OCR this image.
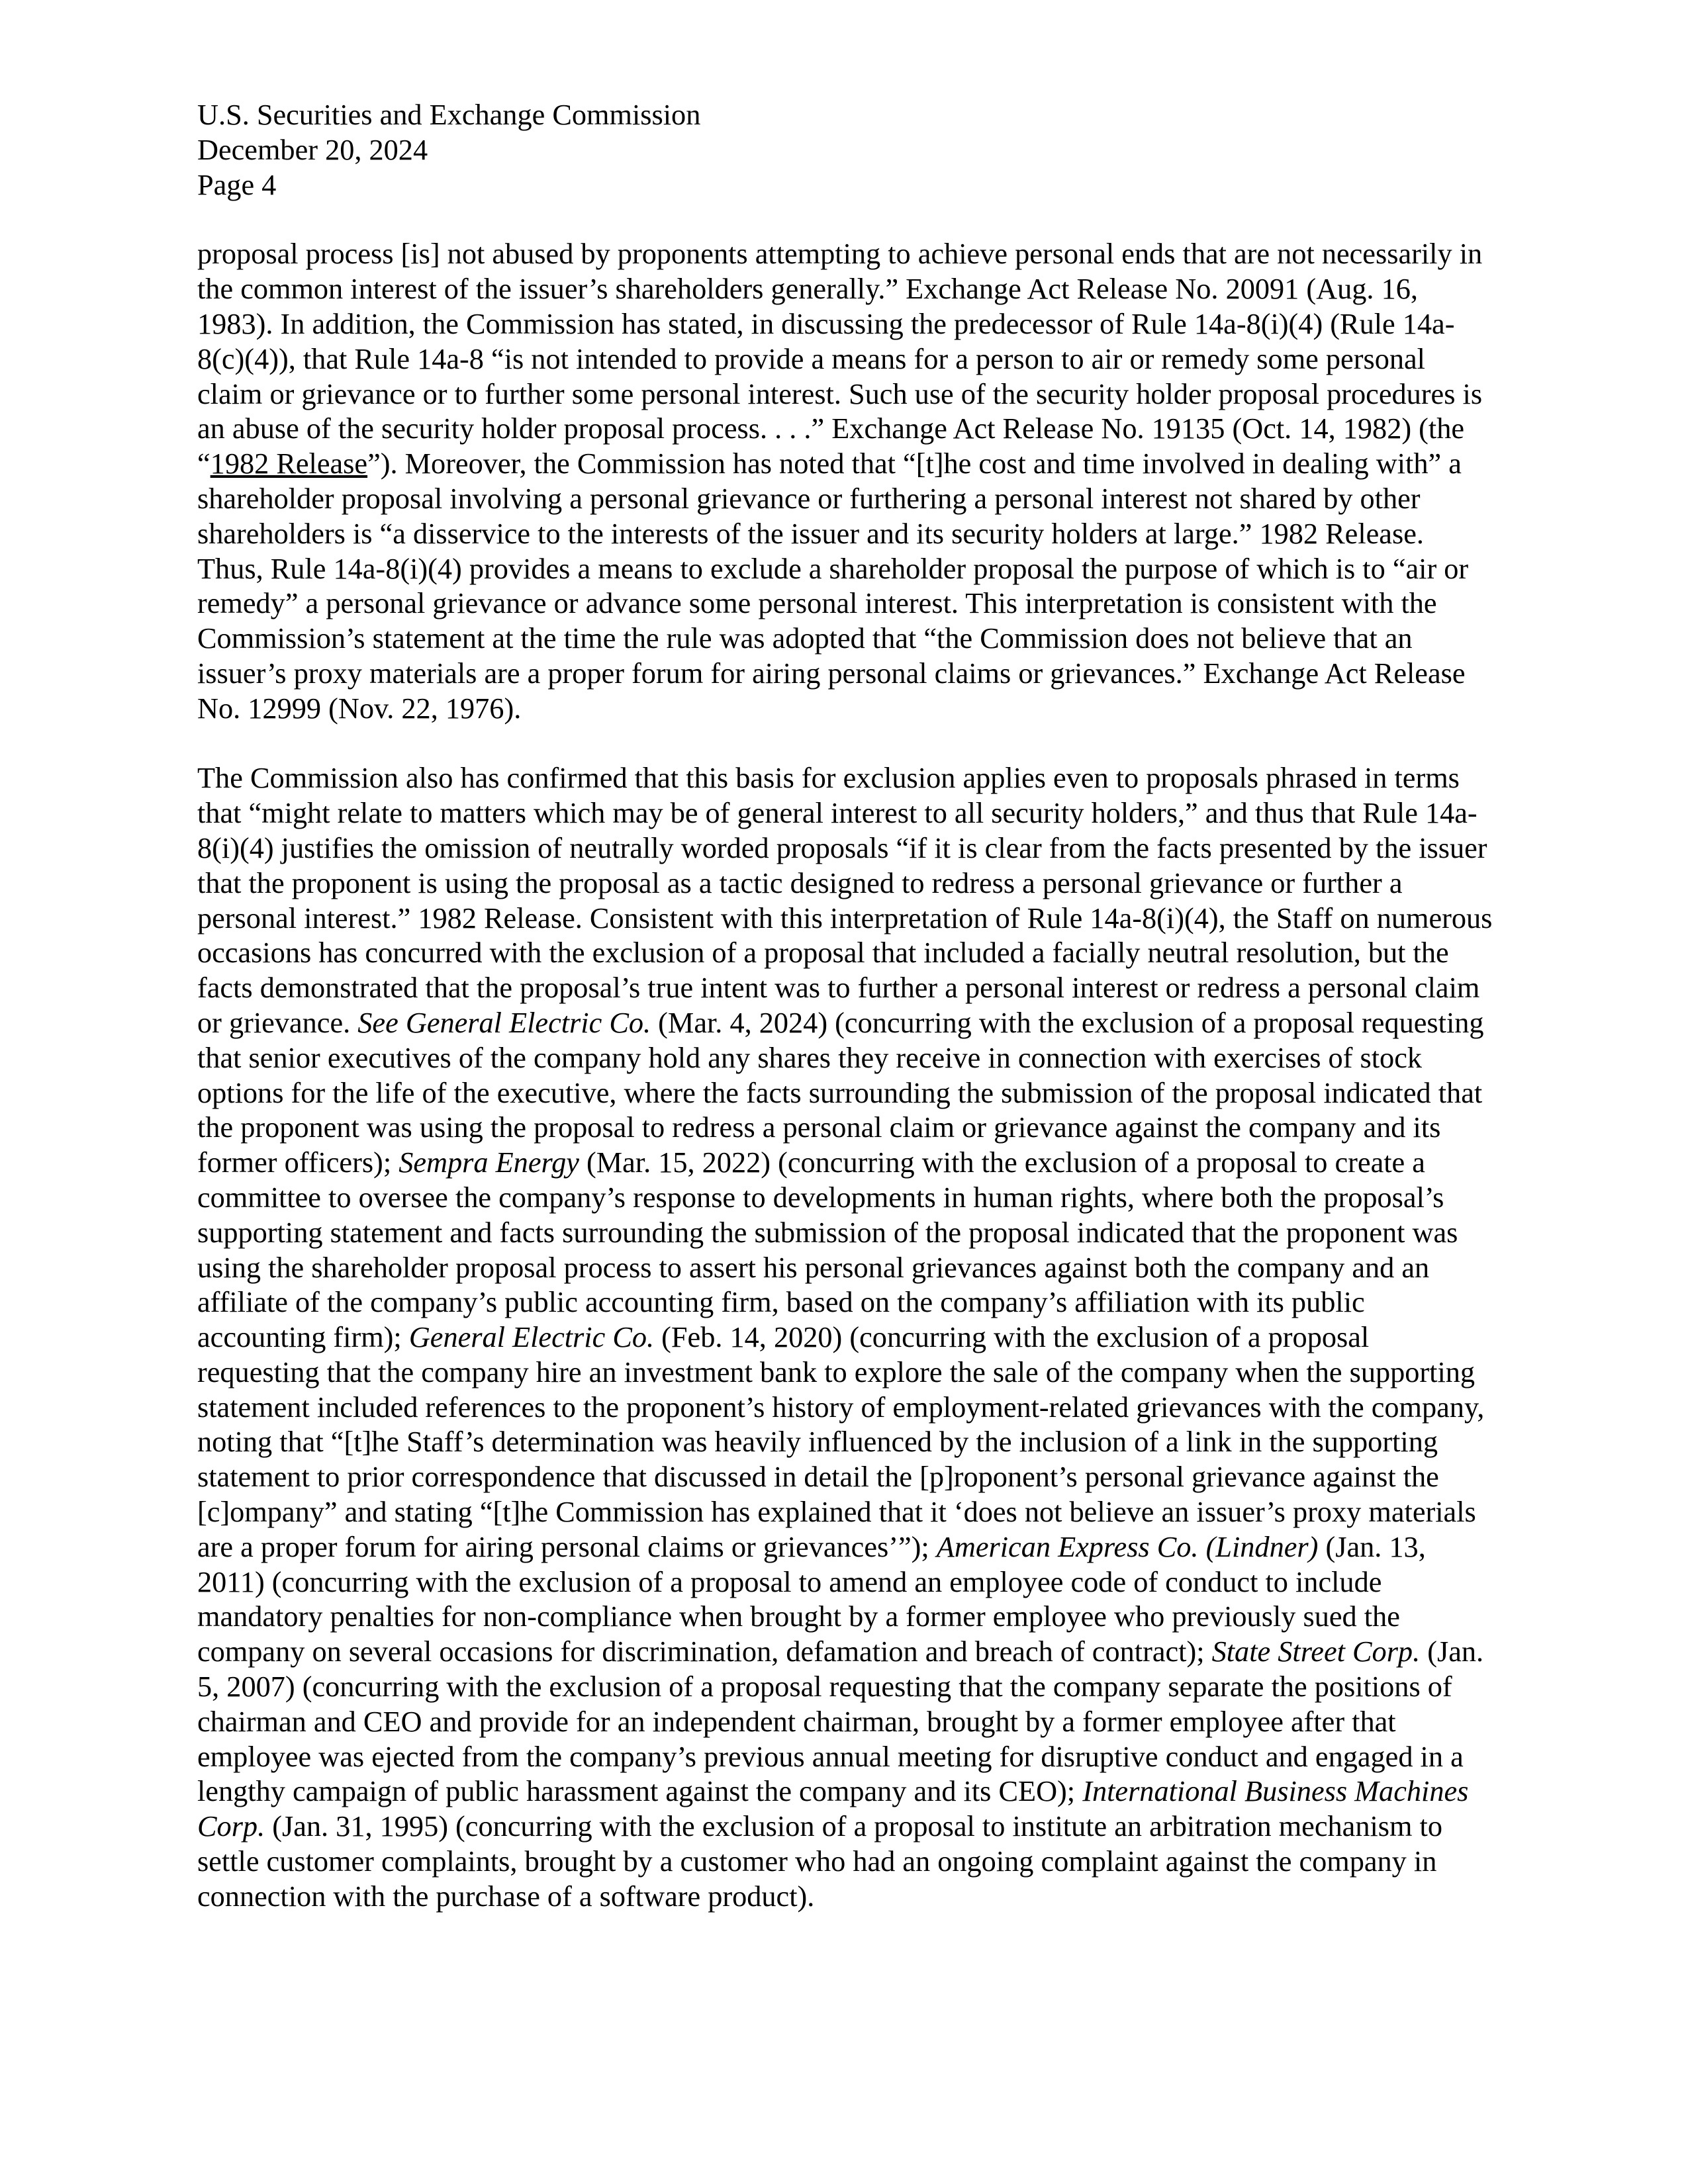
U.S. Securities and Exchange Commission
December 20, 2024
Page 4

proposal process [is] not abused by proponents attempting to achieve personal ends that are not necessarily in the common interest of the issuer’s shareholders generally.” Exchange Act Release No. 20091 (Aug. 16, 1983). In addition, the Commission has stated, in discussing the predecessor of Rule 14a-8(i)(4) (Rule 14a-8(c)(4)), that Rule 14a-8 “is not intended to provide a means for a person to air or remedy some personal claim or grievance or to further some personal interest. Such use of the security holder proposal procedures is an abuse of the security holder proposal process. . . .” Exchange Act Release No. 19135 (Oct. 14, 1982) (the “1982 Release”). Moreover, the Commission has noted that “[t]he cost and time involved in dealing with” a shareholder proposal involving a personal grievance or furthering a personal interest not shared by other shareholders is “a disservice to the interests of the issuer and its security holders at large.” 1982 Release. Thus, Rule 14a-8(i)(4) provides a means to exclude a shareholder proposal the purpose of which is to “air or remedy” a personal grievance or advance some personal interest. This interpretation is consistent with the Commission’s statement at the time the rule was adopted that “the Commission does not believe that an issuer’s proxy materials are a proper forum for airing personal claims or grievances.” Exchange Act Release No. 12999 (Nov. 22, 1976).

The Commission also has confirmed that this basis for exclusion applies even to proposals phrased in terms that “might relate to matters which may be of general interest to all security holders,” and thus that Rule 14a-8(i)(4) justifies the omission of neutrally worded proposals “if it is clear from the facts presented by the issuer that the proponent is using the proposal as a tactic designed to redress a personal grievance or further a personal interest.” 1982 Release. Consistent with this interpretation of Rule 14a-8(i)(4), the Staff on numerous occasions has concurred with the exclusion of a proposal that included a facially neutral resolution, but the facts demonstrated that the proposal’s true intent was to further a personal interest or redress a personal claim or grievance. See General Electric Co. (Mar. 4, 2024) (concurring with the exclusion of a proposal requesting that senior executives of the company hold any shares they receive in connection with exercises of stock options for the life of the executive, where the facts surrounding the submission of the proposal indicated that the proponent was using the proposal to redress a personal claim or grievance against the company and its former officers); Sempra Energy (Mar. 15, 2022) (concurring with the exclusion of a proposal to create a committee to oversee the company’s response to developments in human rights, where both the proposal’s supporting statement and facts surrounding the submission of the proposal indicated that the proponent was using the shareholder proposal process to assert his personal grievances against both the company and an affiliate of the company’s public accounting firm, based on the company’s affiliation with its public accounting firm); General Electric Co. (Feb. 14, 2020) (concurring with the exclusion of a proposal requesting that the company hire an investment bank to explore the sale of the company when the supporting statement included references to the proponent’s history of employment-related grievances with the company, noting that “[t]he Staff’s determination was heavily influenced by the inclusion of a link in the supporting statement to prior correspondence that discussed in detail the [p]roponent’s personal grievance against the [c]ompany” and stating “[t]he Commission has explained that it ‘does not believe an issuer’s proxy materials are a proper forum for airing personal claims or grievances’”); American Express Co. (Lindner) (Jan. 13, 2011) (concurring with the exclusion of a proposal to amend an employee code of conduct to include mandatory penalties for non-compliance when brought by a former employee who previously sued the company on several occasions for discrimination, defamation and breach of contract); State Street Corp. (Jan. 5, 2007) (concurring with the exclusion of a proposal requesting that the company separate the positions of chairman and CEO and provide for an independent chairman, brought by a former employee after that employee was ejected from the company’s previous annual meeting for disruptive conduct and engaged in a lengthy campaign of public harassment against the company and its CEO); International Business Machines Corp. (Jan. 31, 1995) (concurring with the exclusion of a proposal to institute an arbitration mechanism to settle customer complaints, brought by a customer who had an ongoing complaint against the company in connection with the purchase of a software product).
